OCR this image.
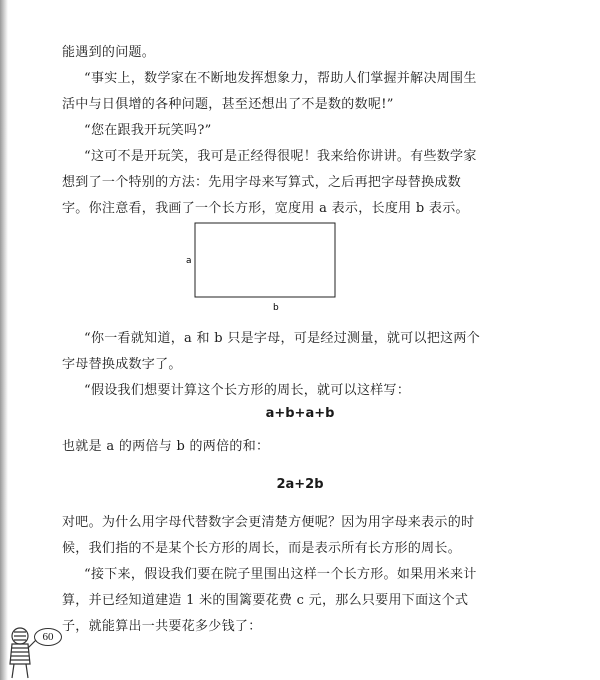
能遇到的问题。

“事实上，数学家在不断地发挥想象力，帮助人们掌握并解决周围生活中与日俱增的各种问题，甚至还想出了不是数的数呢!”

“您在跟我开玩笑吗?”

“这可不是开玩笑，我可是正经得很呢！我来给你讲讲。有些数学家想到了一个特别的方法：先用字母来写算式，之后再把字母替换成数字。你注意看，我画了一个长方形，宽度用 a 表示，长度用 b 表示。

a
b

“你一看就知道，a 和 b 只是字母，可是经过测量，就可以把这两个字母替换成数字了。

“假设我们想要计算这个长方形的周长，就可以这样写：

a+b+a+b

也就是 a 的两倍与 b 的两倍的和：

2a+2b

对吧。为什么用字母代替数字会更清楚方便呢？因为用字母来表示的时候，我们指的不是某个长方形的周长，而是表示所有长方形的周长。

“接下来，假设我们要在院子里围出这样一个长方形。如果用米来计算，并已经知道建造 1 米的围篱要花费 c 元，那么只要用下面这个式子，就能算出一共要花多少钱了：

60
